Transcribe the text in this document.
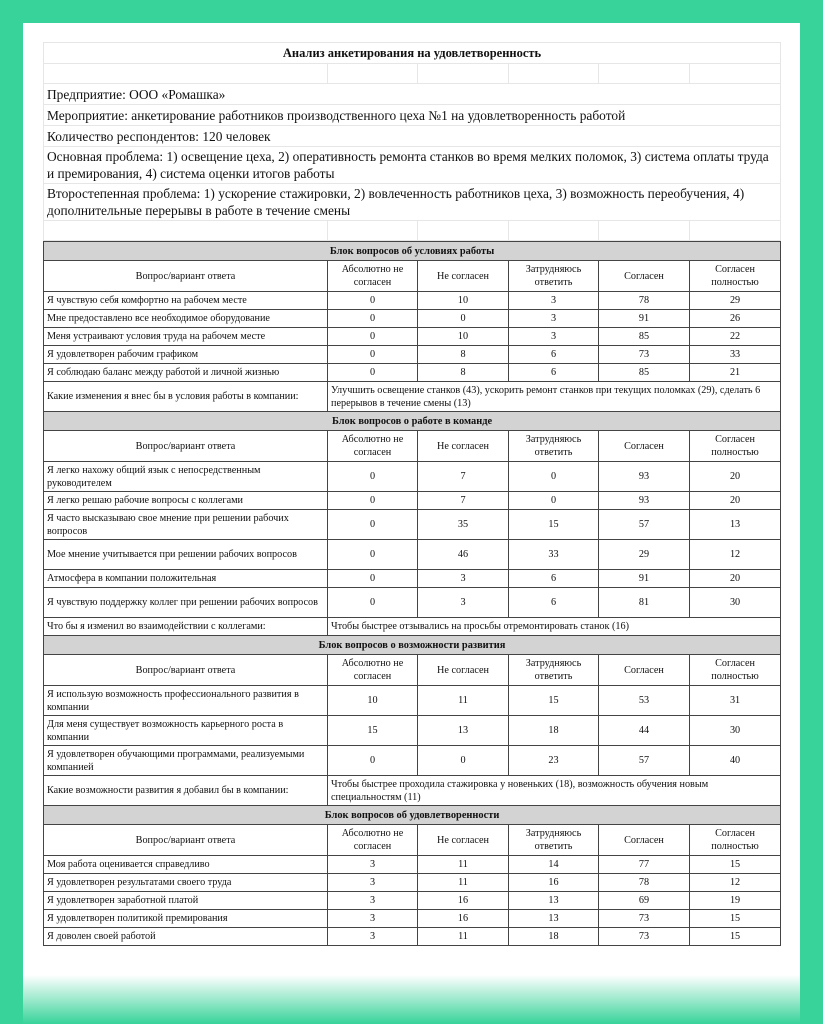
Анализ анкетирования на удовлетворенность					

Предприятие: ООО «Ромашка»					
Мероприятие: анкетирование работников производственного цеха №1 на удовлетворенность работой					
Количество респондентов: 120 человек					
Основная проблема: 1) освещение цеха, 2) оперативность ремонта станков во время мелких поломок, 3) система оплаты труда и премирования, 4) система оценки итогов работы					
Второстепенная проблема: 1) ускорение стажировки, 2) вовлеченность работников цеха, 3) возможность переобучения, 4) дополнительные перерывы в работе в течение смены					

Блок вопросов об условиях работы					
Вопрос/вариант ответа	Абсолютно не согласен	Не согласен	Затрудняюсь ответить	Согласен	Согласен полностью
Я чувствую себя комфортно на рабочем месте	0	10	3	78	29
Мне предоставлено все необходимое оборудование	0	0	3	91	26
Меня устраивают условия труда на рабочем месте	0	10	3	85	22
Я удовлетворен рабочим графиком	0	8	6	73	33
Я соблюдаю баланс между работой и личной жизнью	0	8	6	85	21
Какие изменения я внес бы в условия работы в компании:	Улучшить освещение станков (43), ускорить ремонт станков при текущих поломках (29), сделать 6 перерывов в течение смены (13)				
Блок вопросов о работе в команде					
Вопрос/вариант ответа	Абсолютно не согласен	Не согласен	Затрудняюсь ответить	Согласен	Согласен полностью
Я легко нахожу общий язык с непосредственным руководителем	0	7	0	93	20
Я легко решаю рабочие вопросы с коллегами	0	7	0	93	20
Я часто высказываю свое мнение при решении рабочих вопросов	0	35	15	57	13
Мое мнение учитывается при решении рабочих вопросов	0	46	33	29	12
Атмосфера в компании положительная	0	3	6	91	20
Я чувствую поддержку коллег при решении рабочих вопросов	0	3	6	81	30
Что бы я изменил во взаимодействии с коллегами:	Чтобы быстрее отзывались на просьбы отремонтировать станок (16)				
Блок вопросов о возможности развития					
Вопрос/вариант ответа	Абсолютно не согласен	Не согласен	Затрудняюсь ответить	Согласен	Согласен полностью
Я использую возможность профессионального развития в компании	10	11	15	53	31
Для меня существует возможность карьерного роста в компании	15	13	18	44	30
Я удовлетворен обучающими программами, реализуемыми компанией	0	0	23	57	40
Какие возможности развития я добавил бы в компании:	Чтобы быстрее проходила стажировка у новеньких (18), возможность обучения новым специальностям (11)				
Блок вопросов об удовлетворенности					
Вопрос/вариант ответа	Абсолютно не согласен	Не согласен	Затрудняюсь ответить	Согласен	Согласен полностью
Моя работа оценивается справедливо	3	11	14	77	15
Я удовлетворен результатами своего труда	3	11	16	78	12
Я удовлетворен заработной платой	3	16	13	69	19
Я удовлетворен политикой премирования	3	16	13	73	15
Я доволен своей работой	3	11	18	73	15
